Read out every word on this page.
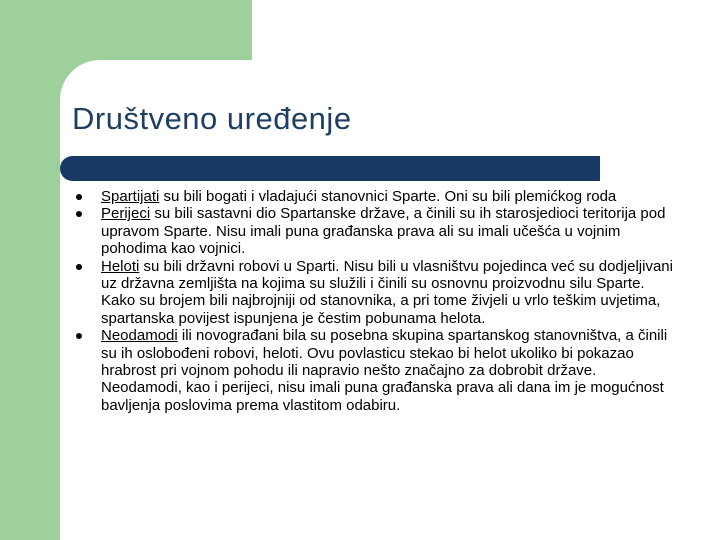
Društveno uređenje
Spartijati su bili bogati i vladajući stanovnici Sparte. Oni su bili plemićkog roda
Perijeci su bili sastavni dio Spartanske države, a činili su ih starosjedioci teritorija pod upravom Sparte. Nisu imali puna građanska prava ali su imali učešća u vojnim pohodima kao vojnici.
Heloti su bili državni robovi u Sparti. Nisu bili u vlasništvu pojedinca već su dodjeljivani uz državna zemljišta na kojima su služili i činili su osnovnu proizvodnu silu Sparte. Kako su brojem bili najbrojniji od stanovnika, a pri tome živjeli u vrlo teškim uvjetima, spartanska povijest ispunjena je čestim pobunama helota.
Neodamodi ili novograđani bila su posebna skupina spartanskog stanovništva, a činili su ih oslobođeni robovi, heloti. Ovu povlasticu stekao bi helot ukoliko bi pokazao hrabrost pri vojnom pohodu ili napravio nešto značajno za dobrobit države. Neodamodi, kao i perijeci, nisu imali puna građanska prava ali dana im je mogućnost bavljenja poslovima prema vlastitom odabiru.
